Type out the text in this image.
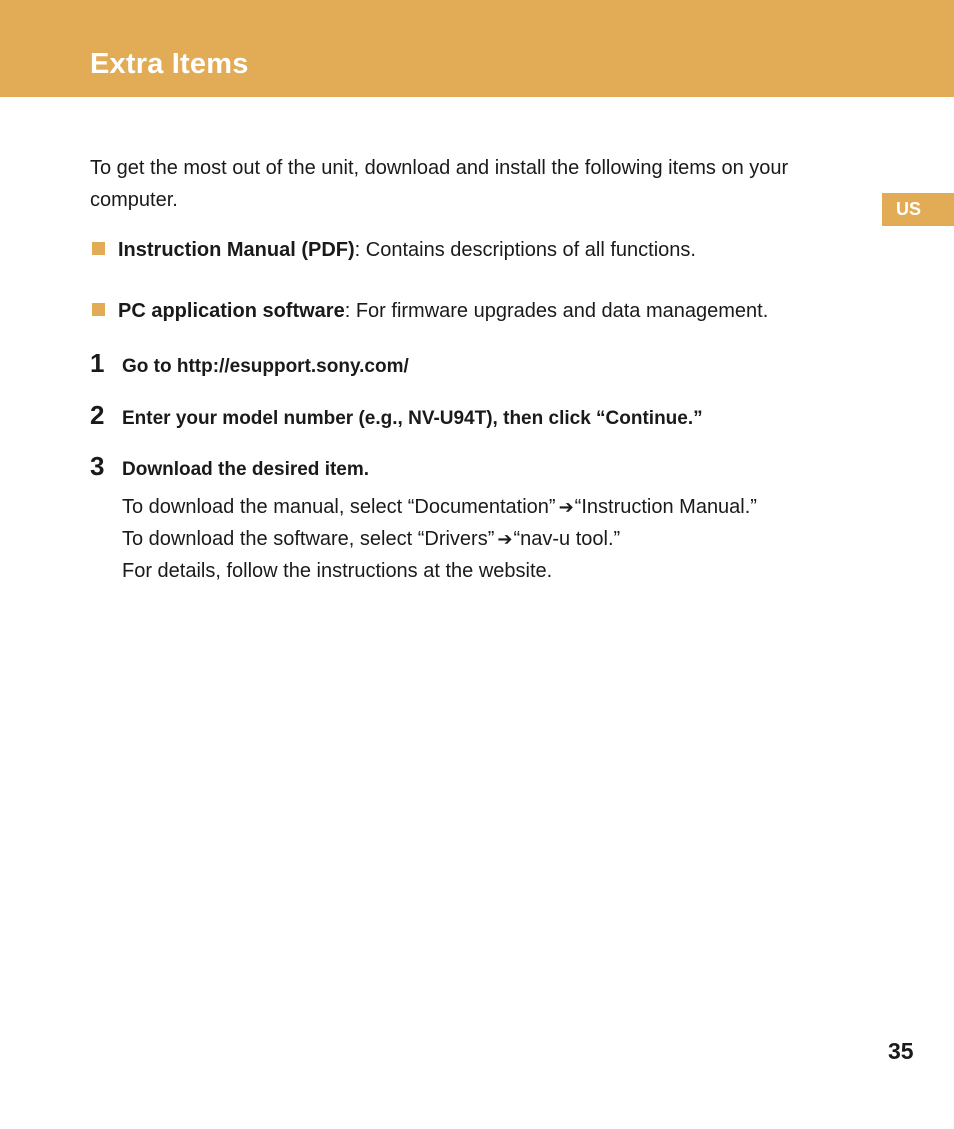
Extra Items
US

To get the most out of the unit, download and install the following items on your computer.

Instruction Manual (PDF): Contains descriptions of all functions.
PC application software: For firmware upgrades and data management.
1 Go to http://esupport.sony.com/
2 Enter your model number (e.g., NV-U94T), then click “Continue.”
3 Download the desired item.
To download the manual, select “Documentation” ➔“Instruction Manual.”
To download the software, select “Drivers” ➔“nav-u tool.”
For details, follow the instructions at the website.
35
